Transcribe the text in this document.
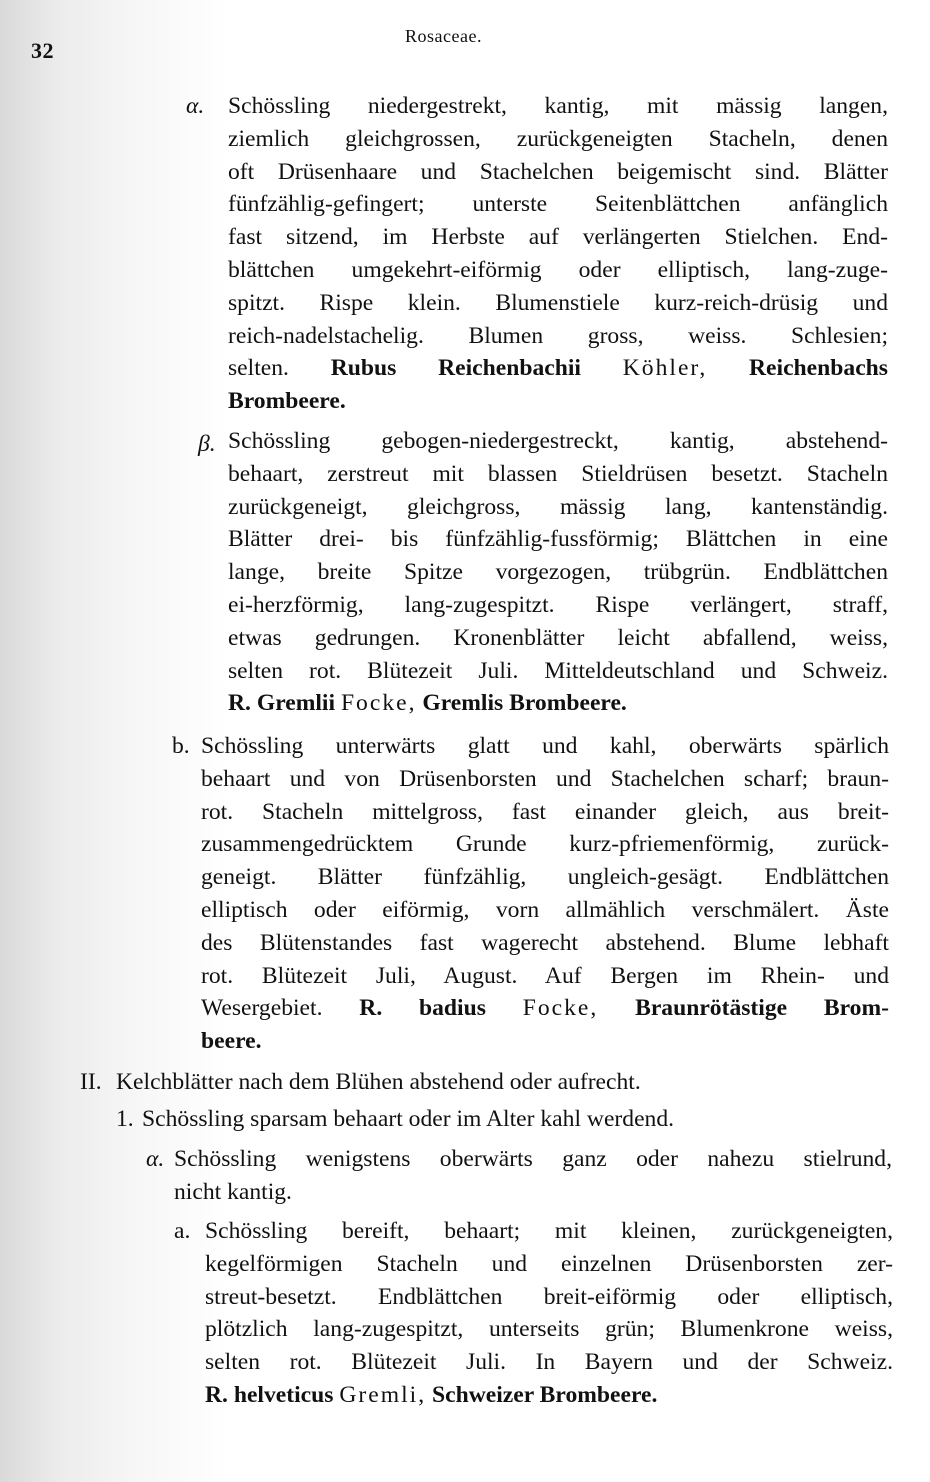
32
Rosaceae.
α. Schössling niedergestrekt, kantig, mit mässig langen,
ziemlich gleichgrossen, zurückgeneigten Stacheln, denen
oft Drüsenhaare und Stachelchen beigemischt sind. Blätter
fünfzählig-gefingert; unterste Seitenblättchen anfänglich
fast sitzend, im Herbste auf verlängerten Stielchen. End-
blättchen umgekehrt-eiförmig oder elliptisch, lang-zuge-
spitzt. Rispe klein. Blumenstiele kurz-reich-drüsig und
reich-nadelstachelig. Blumen gross, weiss. Schlesien;
selten. Rubus Reichenbachii Köhler, Reichenbachs
Brombeere.
β. Schössling gebogen-niedergestreckt, kantig, abstehend-
behaart, zerstreut mit blassen Stieldrüsen besetzt. Stacheln
zurückgeneigt, gleichgross, mässig lang, kantenständig.
Blätter drei- bis fünfzählig-fussförmig; Blättchen in eine
lange, breite Spitze vorgezogen, trübgrün. Endblättchen
ei-herzförmig, lang-zugespitzt. Rispe verlängert, straff,
etwas gedrungen. Kronenblätter leicht abfallend, weiss,
selten rot. Blütezeit Juli. Mitteldeutschland und Schweiz.
R. Gremlii Focke, Gremlis Brombeere.
b. Schössling unterwärts glatt und kahl, oberwärts spärlich
behaart und von Drüsenborsten und Stachelchen scharf; braun-
rot. Stacheln mittelgross, fast einander gleich, aus breit-
zusammengedrücktem Grunde kurz-pfriemenförmig, zurück-
geneigt. Blätter fünfzählig, ungleich-gesägt. Endblättchen
elliptisch oder eiförmig, vorn allmählich verschmälert. Äste
des Blütenstandes fast wagerecht abstehend. Blume lebhaft
rot. Blütezeit Juli, August. Auf Bergen im Rhein- und
Wesergebiet. R. badius Focke, Braunrötästige Brom-
beere.
II. Kelchblätter nach dem Blühen abstehend oder aufrecht.
1. Schössling sparsam behaart oder im Alter kahl werdend.
α. Schössling wenigstens oberwärts ganz oder nahezu stielrund,
nicht kantig.
a. Schössling bereift, behaart; mit kleinen, zurückgeneigten,
kegelförmigen Stacheln und einzelnen Drüsenborsten zer-
streut-besetzt. Endblättchen breit-eiförmig oder elliptisch,
plötzlich lang-zugespitzt, unterseits grün; Blumenkrone weiss,
selten rot. Blütezeit Juli. In Bayern und der Schweiz.
R. helveticus Gremli, Schweizer Brombeere.
